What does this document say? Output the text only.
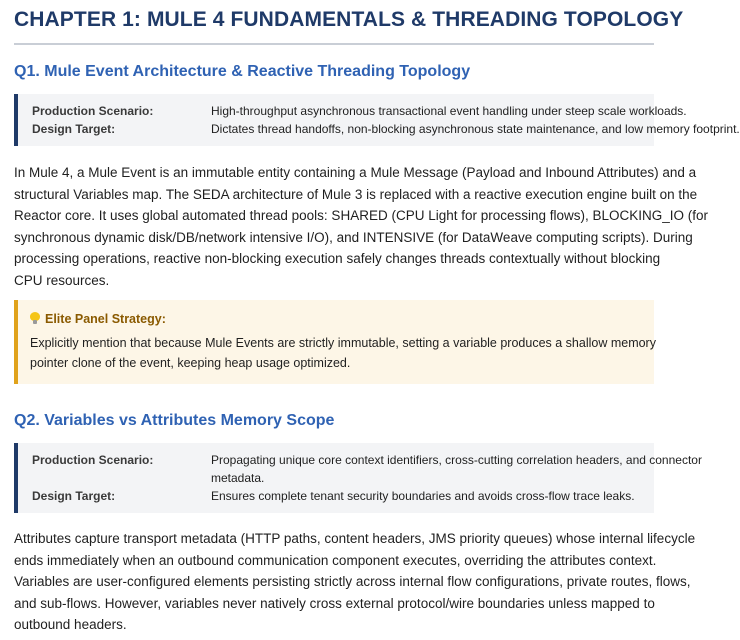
CHAPTER 1: MULE 4 FUNDAMENTALS & THREADING TOPOLOGY
Q1. Mule Event Architecture & Reactive Threading Topology
Production Scenario:	High-throughput asynchronous transactional event handling under steep scale workloads.
Design Target:	Dictates thread handoffs, non-blocking asynchronous state maintenance, and low memory footprint.
In Mule 4, a Mule Event is an immutable entity containing a Mule Message (Payload and Inbound Attributes) and a
structural Variables map. The SEDA architecture of Mule 3 is replaced with a reactive execution engine built on the
Reactor core. It uses global automated thread pools: SHARED (CPU Light for processing flows), BLOCKING_IO (for
synchronous dynamic disk/DB/network intensive I/O), and INTENSIVE (for DataWeave computing scripts). During
processing operations, reactive non-blocking execution safely changes threads contextually without blocking
CPU resources.
Elite Panel Strategy:
Explicitly mention that because Mule Events are strictly immutable, setting a variable produces a shallow memory
pointer clone of the event, keeping heap usage optimized.
Q2. Variables vs Attributes Memory Scope
Production Scenario:	Propagating unique core context identifiers, cross-cutting correlation headers, and connector
metadata.
Design Target:	Ensures complete tenant security boundaries and avoids cross-flow trace leaks.
Attributes capture transport metadata (HTTP paths, content headers, JMS priority queues) whose internal lifecycle
ends immediately when an outbound communication component executes, overriding the attributes context.
Variables are user-configured elements persisting strictly across internal flow configurations, private routes, flows,
and sub-flows. However, variables never natively cross external protocol/wire boundaries unless mapped to
outbound headers.
